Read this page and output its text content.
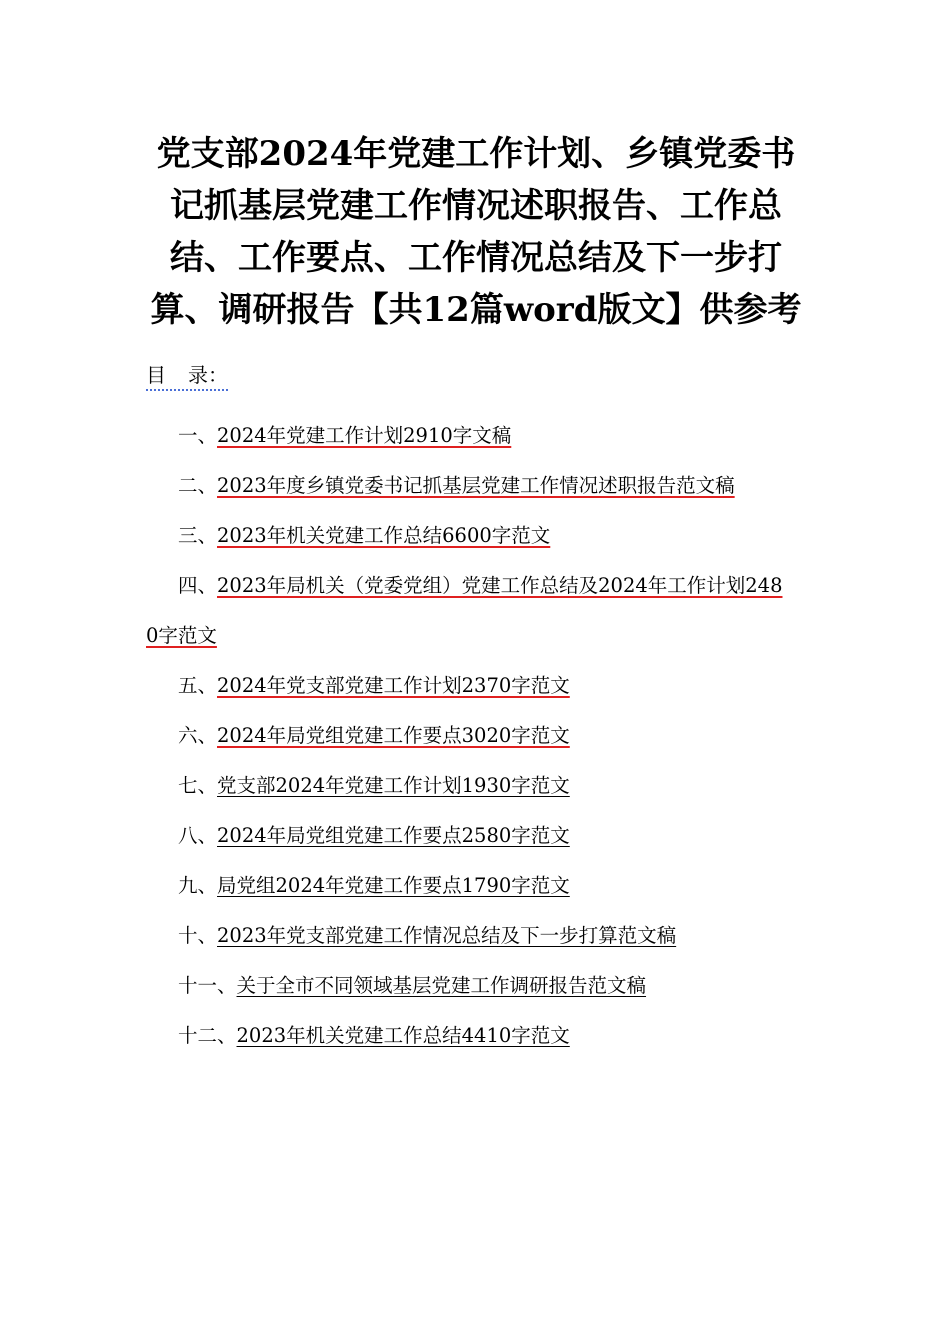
党支部2024年党建工作计划、乡镇党委书记抓基层党建工作情况述职报告、工作总结、工作要点、工作情况总结及下一步打算、调研报告【共12篇word版文】供参考
目 录：
一、2024年党建工作计划2910字文稿
二、2023年度乡镇党委书记抓基层党建工作情况述职报告范文稿
三、2023年机关党建工作总结6600字范文
四、2023年局机关（党委党组）党建工作总结及2024年工作计划2480字范文
五、2024年党支部党建工作计划2370字范文
六、2024年局党组党建工作要点3020字范文
七、党支部2024年党建工作计划1930字范文
八、2024年局党组党建工作要点2580字范文
九、局党组2024年党建工作要点1790字范文
十、2023年党支部党建工作情况总结及下一步打算范文稿
十一、关于全市不同领域基层党建工作调研报告范文稿
十二、2023年机关党建工作总结4410字范文
